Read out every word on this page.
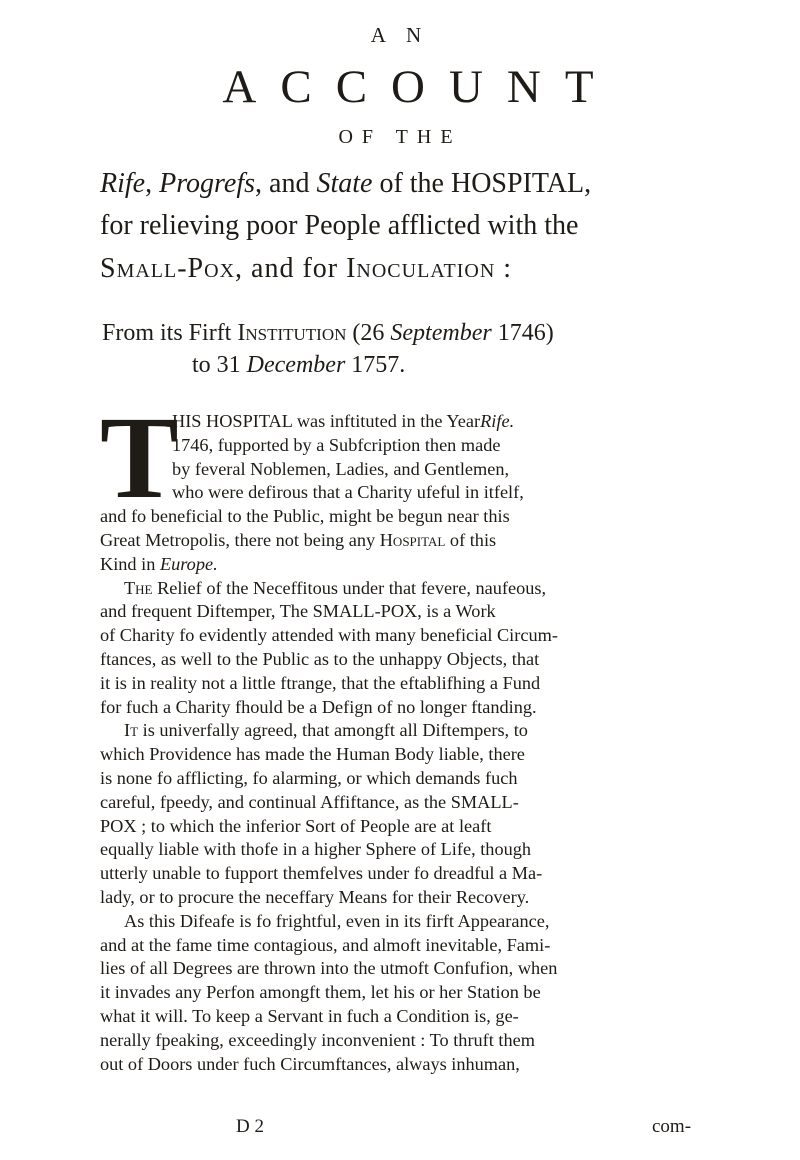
A N
ACCOUNT
OF THE
Rife, Progrefs, and State of the HOSPITAL,
for relieving poor People afflicted with the
Small-Pox, and for Inoculation :
From its Firft Institution (26 September 1746)
to 31 December 1757.
T
HIS HOSPITAL was inftituted in the YearRife.
1746, fupported by a Subfcription then made
by feveral Noblemen, Ladies, and Gentlemen,
who were defirous that a Charity ufeful in itfelf,
and fo beneficial to the Public, might be begun near this
Great Metropolis, there not being any Hospital of this
Kind in Europe.
The Relief of the Neceffitous under that fevere, naufeous,
and frequent Diftemper, The SMALL-POX, is a Work
of Charity fo evidently attended with many beneficial Circum-
ftances, as well to the Public as to the unhappy Objects, that
it is in reality not a little ftrange, that the eftablifhing a Fund
for fuch a Charity fhould be a Defign of no longer ftanding.
It is univerfally agreed, that amongft all Diftempers, to
which Providence has made the Human Body liable, there
is none fo afflicting, fo alarming, or which demands fuch
careful, fpeedy, and continual Affiftance, as the SMALL-
POX ; to which the inferior Sort of People are at leaft
equally liable with thofe in a higher Sphere of Life, though
utterly unable to fupport themfelves under fo dreadful a Ma-
lady, or to procure the neceffary Means for their Recovery.
As this Difeafe is fo frightful, even in its firft Appearance,
and at the fame time contagious, and almoft inevitable, Fami-
lies of all Degrees are thrown into the utmoft Confufion, when
it invades any Perfon amongft them, let his or her Station be
what it will. To keep a Servant in fuch a Condition is, ge-
nerally fpeaking, exceedingly inconvenient : To thruft them
out of Doors under fuch Circumftances, always inhuman,
D 2	com-
